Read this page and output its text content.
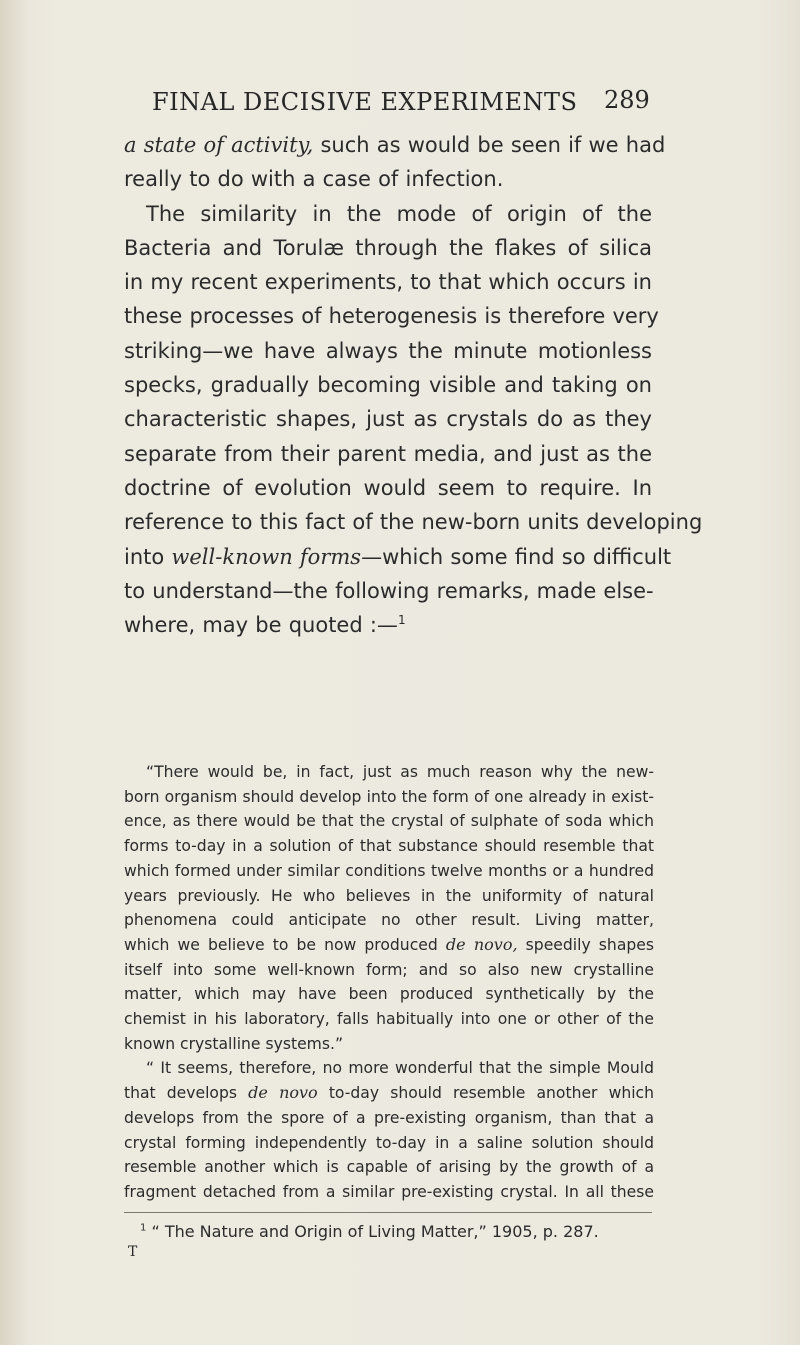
FINAL DECISIVE EXPERIMENTS 289
a state of activity, such as would be seen if we had
really to do with a case of infection.
The similarity in the mode of origin of the
Bacteria and Torulæ through the flakes of silica
in my recent experiments, to that which occurs in
these processes of heterogenesis is therefore very
striking—we have always the minute motionless
specks, gradually becoming visible and taking on
characteristic shapes, just as crystals do as they
separate from their parent media, and just as the
doctrine of evolution would seem to require. In
reference to this fact of the new-born units developing
into well-known forms—which some find so difficult
to understand—the following remarks, made else-
where, may be quoted :—$^1$
“There would be, in fact, just as much reason why the new-
born organism should develop into the form of one already in exist-
ence, as there would be that the crystal of sulphate of soda which
forms to-day in a solution of that substance should resemble that
which formed under similar conditions twelve months or a hundred
years previously. He who believes in the uniformity of natural
phenomena could anticipate no other result. Living matter,
which we believe to be now produced de novo, speedily shapes
itself into some well-known form; and so also new crystalline
matter, which may have been produced synthetically by the
chemist in his laboratory, falls habitually into one or other of the
known crystalline systems.”
“ It seems, therefore, no more wonderful that the simple Mould
that develops de novo to-day should resemble another which
develops from the spore of a pre-existing organism, than that a
crystal forming independently to-day in a saline solution should
resemble another which is capable of arising by the growth of a
fragment detached from a similar pre-existing crystal. In all these
$^1$ “ The Nature and Origin of Living Matter,” 1905, p. 287.
T
